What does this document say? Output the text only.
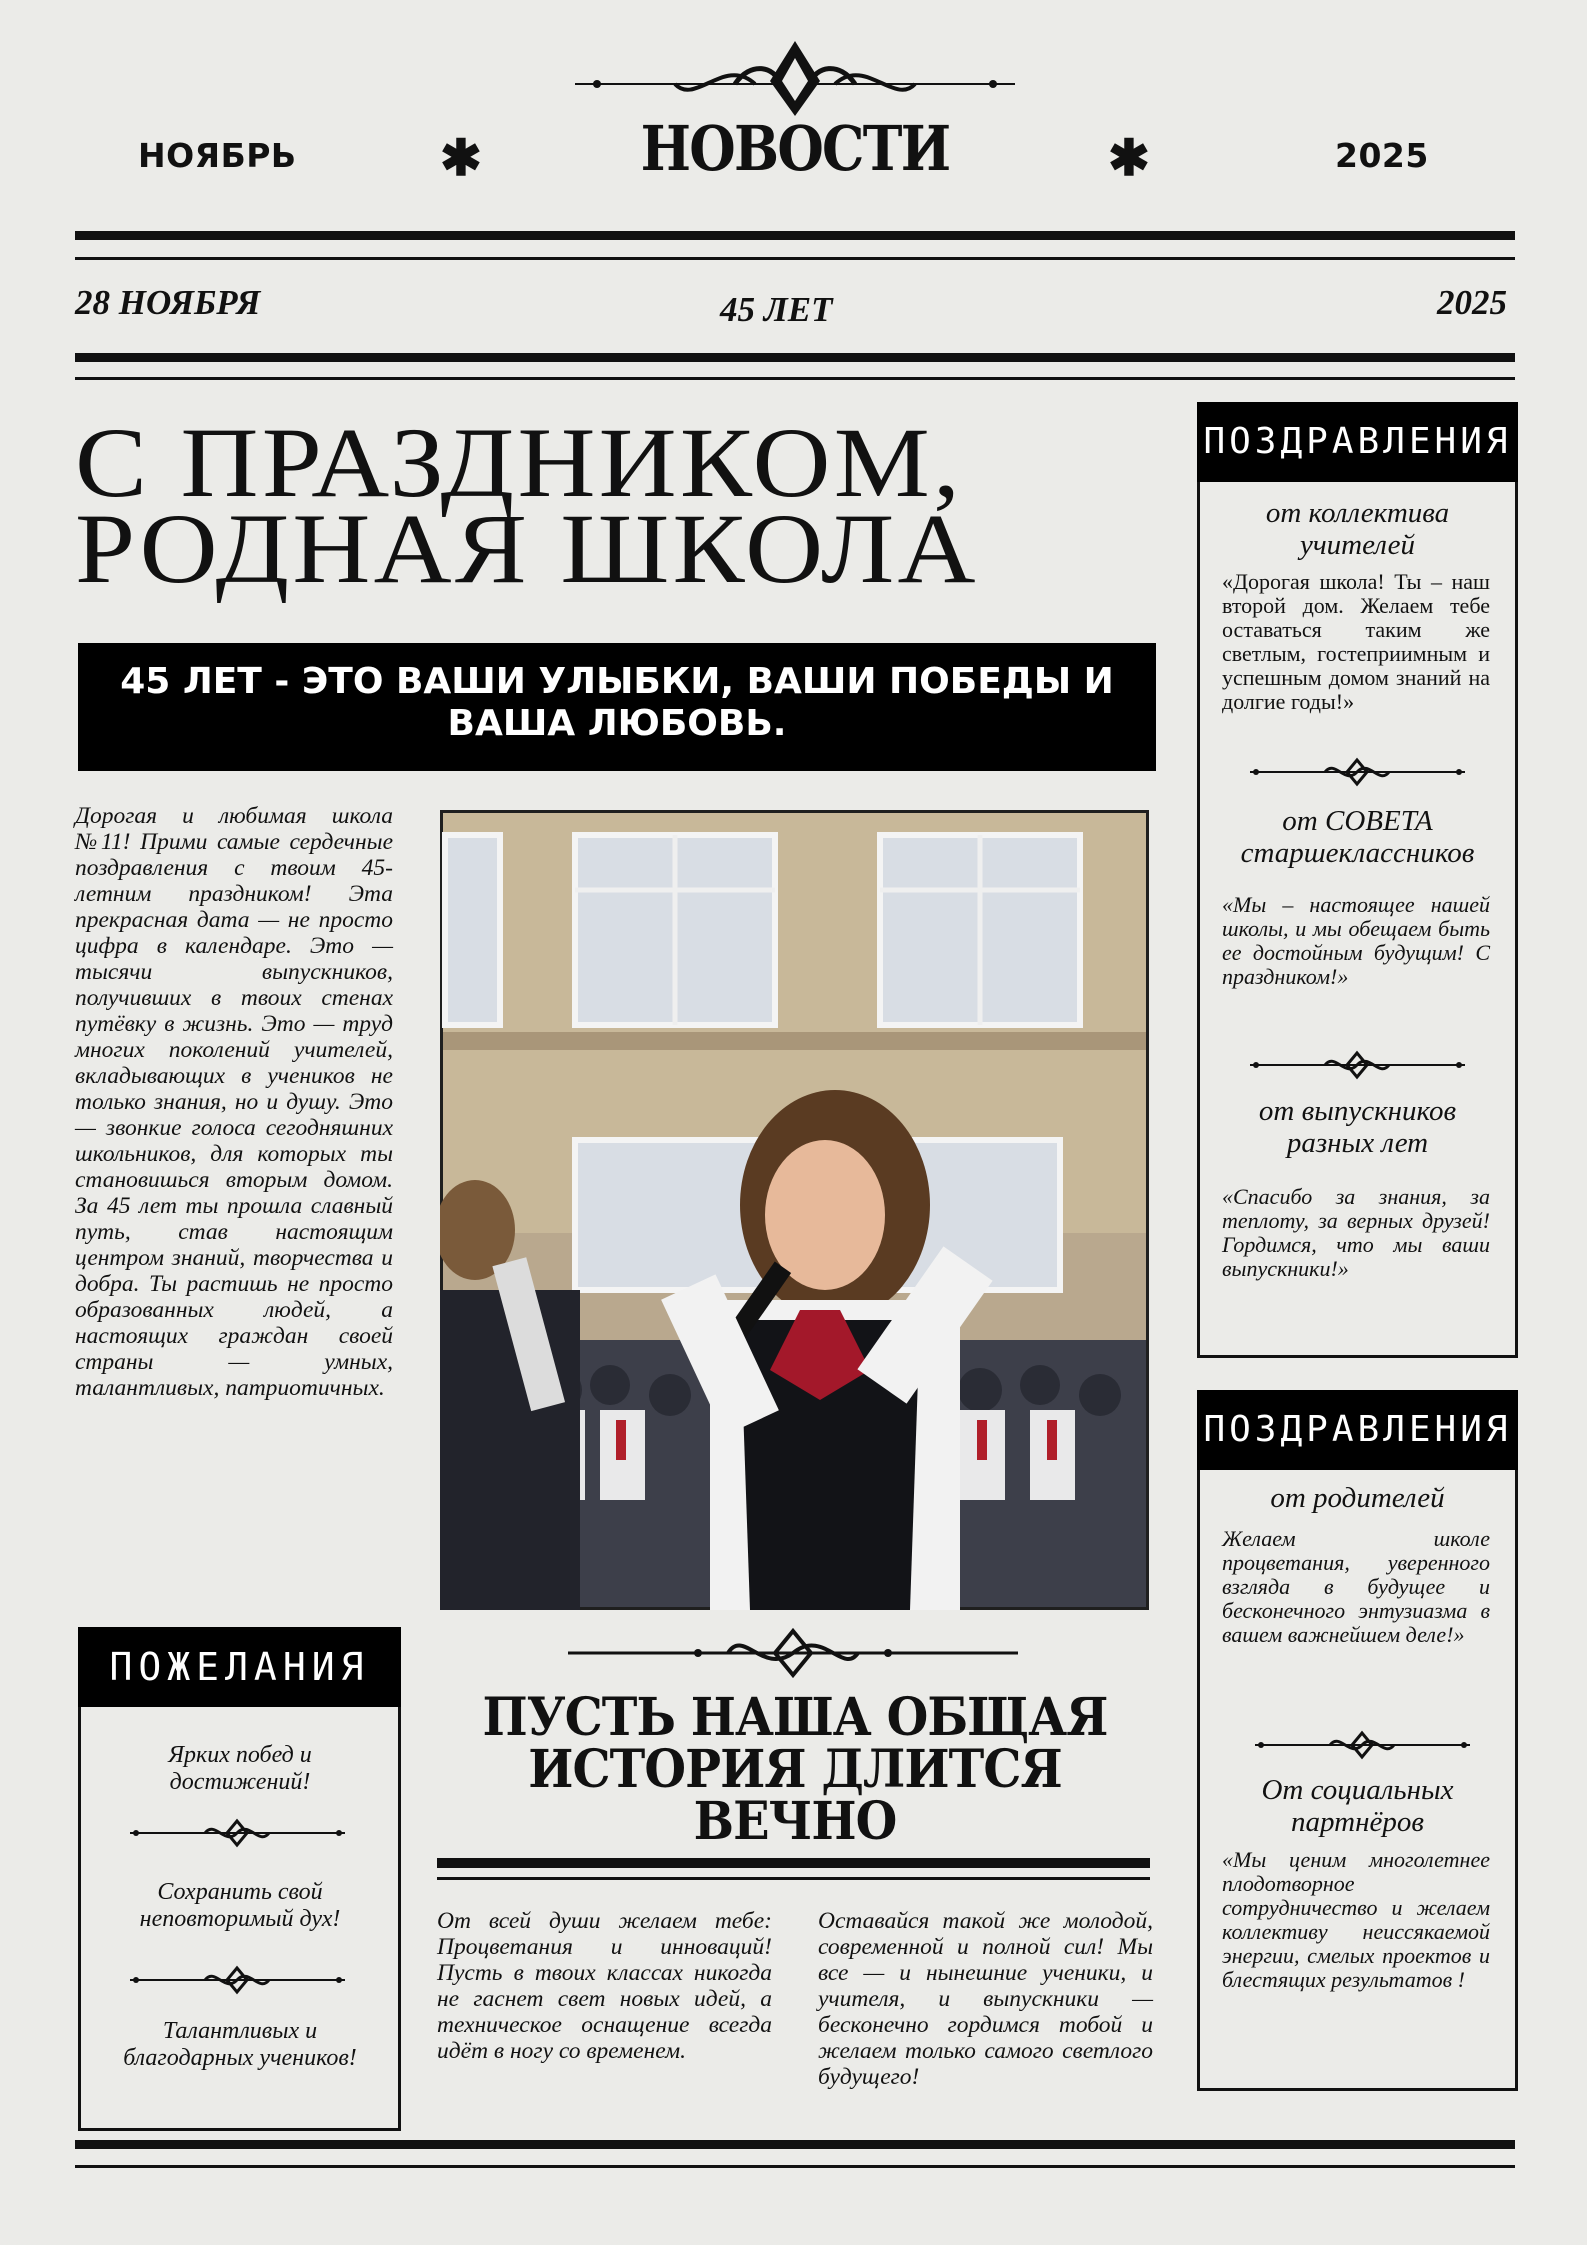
НОЯБРЬ	✱	НОВОСТИ	✱	2025
28 НОЯБРЯ	45 ЛЕТ	2025
С ПРАЗДНИКОМ,
РОДНАЯ ШКОЛА
45 ЛЕТ - ЭТО ВАШИ УЛЫБКИ, ВАШИ ПОБЕДЫ И ВАША ЛЮБОВЬ.
Дорогая и любимая школа №11! Прими самые сердечные поздравления с твоим 45-летним праздником! Эта прекрасная дата — не просто цифра в календаре. Это — тысячи выпускников, получивших в твоих стенах путёвку в жизнь. Это — труд многих поколений учителей, вкладывающих в учеников не только знания, но и душу. Это — звонкие голоса сегодняшних школьников, для которых ты становишься вторым домом. За 45 лет ты прошла славный путь, став настоящим центром знаний, творчества и добра. Ты растишь не просто образованных людей, а настоящих граждан своей страны — умных, талантливых, патриотичных.
ПОЖЕЛАНИЯ
Ярких побед и достижений!
Сохранить свой неповторимый дух!
Талантливых и благодарных учеников!
ПУСТЬ НАША ОБЩАЯ
ИСТОРИЯ ДЛИТСЯ
ВЕЧНО
От всей души желаем тебе: Процветания и инноваций! Пусть в твоих классах никогда не гаснет свет новых идей, а техническое оснащение всегда идёт в ногу со временем.
Оставайся такой же молодой, современной и полной сил! Мы все — и нынешние ученики, и учителя, и выпускники — бесконечно гордимся тобой и желаем только самого светлого будущего!
ПОЗДРАВЛЕНИЯ
от коллектива
учителей
«Дорогая школа! Ты – наш второй дом. Желаем тебе оставаться таким же светлым, гостеприимным и успешным домом знаний на долгие годы!»
от СОВЕТА
старшеклассников
«Мы – настоящее нашей школы, и мы обещаем быть ее достойным будущим! С праздником!»
от выпускников
разных лет
«Спасибо за знания, за теплоту, за верных друзей! Гордимся, что мы ваши выпускники!»
ПОЗДРАВЛЕНИЯ
от родителей
Желаем школе процветания, уверенного взгляда в будущее и бесконечного энтузиазма в вашем важнейшем деле!»
От социальных
партнёров
«Мы ценим многолетнее плодотворное сотрудничество и желаем коллективу неиссякаемой энергии, смелых проектов и блестящих результатов !
